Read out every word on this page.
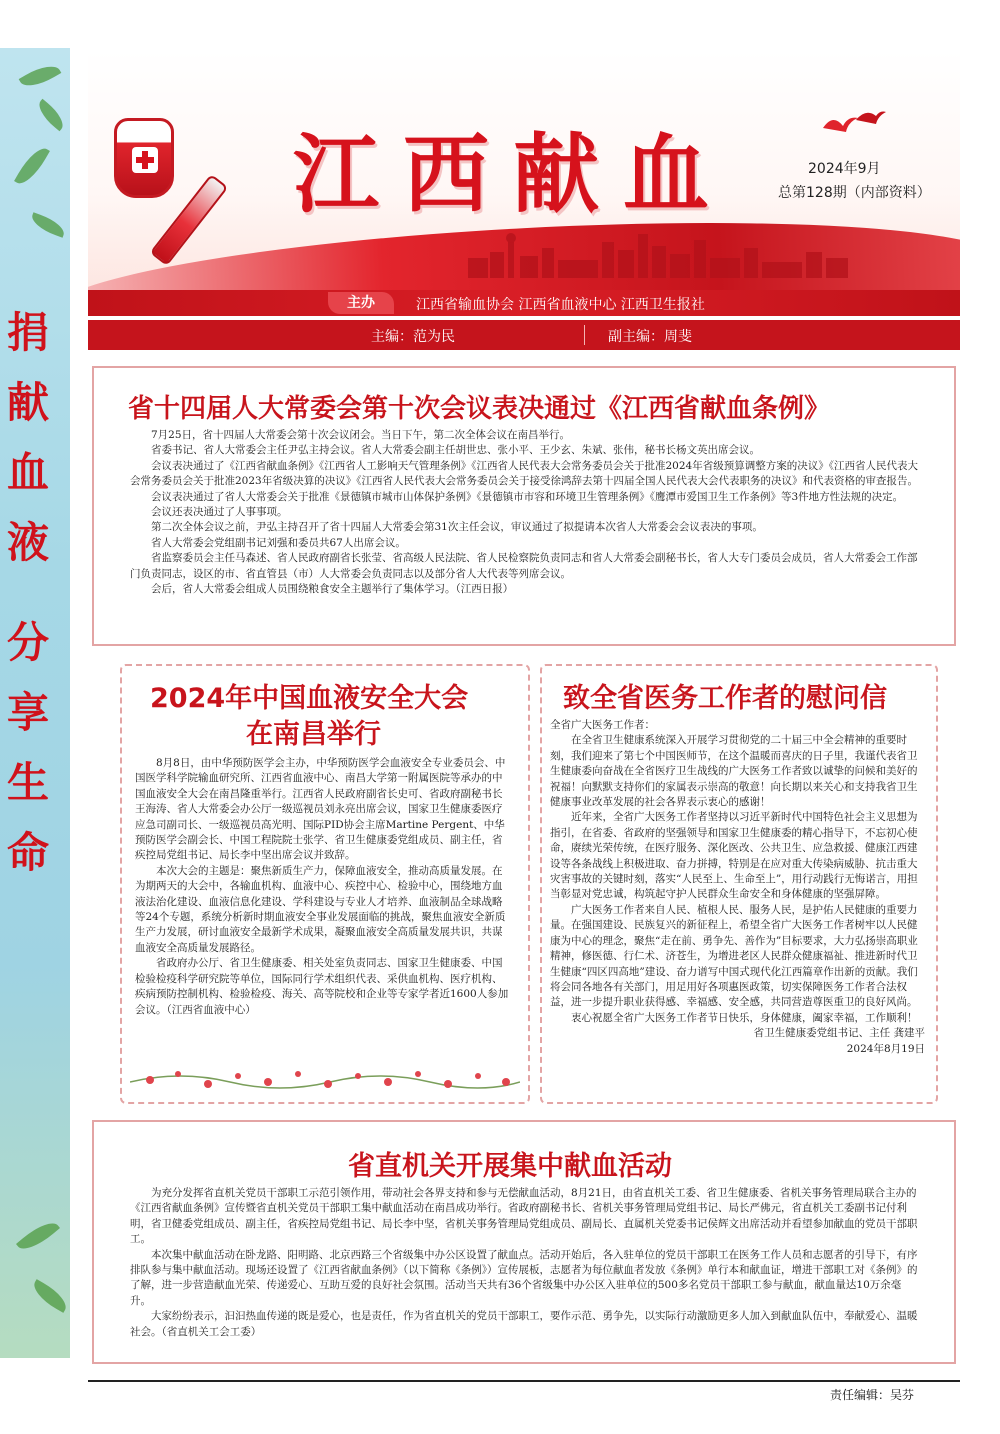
捐
献
血
液
分
享
生
命
江西献血	2024年9月
总第128期（内部资料）
主办	江西省输血协会 江西省血液中心 江西卫生报社
主编：范为民	副主编：周斐
省十四届人大常委会第十次会议表决通过《江西省献血条例》

7月25日，省十四届人大常委会第十次会议闭会。当日下午，第二次全体会议在南昌举行。

省委书记、省人大常委会主任尹弘主持会议。省人大常委会副主任胡世忠、张小平、王少玄、朱斌、张伟，秘书长杨文英出席会议。

会议表决通过了《江西省献血条例》《江西省人工影响天气管理条例》《江西省人民代表大会常务委员会关于批准2024年省级预算调整方案的决议》《江西省人民代表大会常务委员会关于批准2023年省级决算的决议》《江西省人民代表大会常务委员会关于接受徐鸿辞去第十四届全国人民代表大会代表职务的决议》和代表资格的审查报告。

会议表决通过了省人大常委会关于批准《景德镇市城市山体保护条例》《景德镇市市容和环境卫生管理条例》《鹰潭市爱国卫生工作条例》等3件地方性法规的决定。

会议还表决通过了人事事项。

第二次全体会议之前，尹弘主持召开了省十四届人大常委会第31次主任会议，审议通过了拟提请本次省人大常委会会议表决的事项。

省人大常委会党组副书记刘强和委员共67人出席会议。

省监察委员会主任马森述、省人民政府副省长张莹、省高级人民法院、省人民检察院负责同志和省人大常委会副秘书长，省人大专门委员会成员，省人大常委会工作部门负责同志，设区的市、省直管县（市）人大常委会负责同志以及部分省人大代表等列席会议。

会后，省人大常委会组成人员围绕粮食安全主题举行了集体学习。（江西日报）

2024年中国血液安全大会
在南昌举行

8月8日，由中华预防医学会主办，中华预防医学会血液安全专业委员会、中国医学科学院输血研究所、江西省血液中心、南昌大学第一附属医院等承办的中国血液安全大会在南昌隆重举行。江西省人民政府副省长史可、省政府副秘书长王海涛、省人大常委会办公厅一级巡视员刘永亮出席会议，国家卫生健康委医疗应急司副司长、一级巡视员高光明、国际PID协会主席Martine Pergent、中华预防医学会副会长、中国工程院院士张学、省卫生健康委党组成员、副主任，省疾控局党组书记、局长李中坚出席会议并致辞。

本次大会的主题是：聚焦新质生产力，保障血液安全，推动高质量发展。在为期两天的大会中，各输血机构、血液中心、疾控中心、检验中心，围绕地方血液法治化建设、血液信息化建设、学科建设与专业人才培养、血液制品全球战略等24个专题，系统分析新时期血液安全事业发展面临的挑战，聚焦血液安全新质生产力发展，研讨血液安全最新学术成果，凝聚血液安全高质量发展共识，共谋血液安全高质量发展路径。

省政府办公厅、省卫生健康委、相关处室负责同志、国家卫生健康委、中国检验检疫科学研究院等单位，国际同行学术组织代表、采供血机构、医疗机构、疾病预防控制机构、检验检疫、海关、高等院校和企业等专家学者近1600人参加会议。（江西省血液中心）

致全省医务工作者的慰问信

全省广大医务工作者：

在全省卫生健康系统深入开展学习贯彻党的二十届三中全会精神的重要时刻，我们迎来了第七个中国医师节，在这个温暖而喜庆的日子里，我谨代表省卫生健康委向奋战在全省医疗卫生战线的广大医务工作者致以诚挚的问候和美好的祝福！向默默支持你们的家属表示崇高的敬意！向长期以来关心和支持我省卫生健康事业改革发展的社会各界表示衷心的感谢！

近年来，全省广大医务工作者坚持以习近平新时代中国特色社会主义思想为指引，在省委、省政府的坚强领导和国家卫生健康委的精心指导下，不忘初心使命，赓续光荣传统，在医疗服务、深化医改、公共卫生、应急救援、健康江西建设等各条战线上积极进取、奋力拼搏，特别是在应对重大传染病威胁、抗击重大灾害事故的关键时刻，落实“人民至上、生命至上”，用行动践行无悔诺言，用担当彰显对党忠诚，构筑起守护人民群众生命安全和身体健康的坚强屏障。

广大医务工作者来自人民、植根人民、服务人民，是护佑人民健康的重要力量。在强国建设、民族复兴的新征程上，希望全省广大医务工作者树牢以人民健康为中心的理念，聚焦“走在前、勇争先、善作为”目标要求，大力弘扬崇高职业精神，修医德、行仁术、济苍生，为增进老区人民群众健康福祉、推进新时代卫生健康“四区四高地”建设、奋力谱写中国式现代化江西篇章作出新的贡献。我们将会同各地各有关部门，用足用好各项惠医政策，切实保障医务工作者合法权益，进一步提升职业获得感、幸福感、安全感，共同营造尊医重卫的良好风尚。

衷心祝愿全省广大医务工作者节日快乐，身体健康，阖家幸福，工作顺利！

省卫生健康委党组书记、主任 龚建平

2024年8月19日

省直机关开展集中献血活动

为充分发挥省直机关党员干部职工示范引领作用，带动社会各界支持和参与无偿献血活动，8月21日，由省直机关工委、省卫生健康委、省机关事务管理局联合主办的《江西省献血条例》宣传暨省直机关党员干部职工集中献血活动在南昌成功举行。省政府副秘书长、省机关事务管理局党组书记、局长严佛元，省直机关工委副书记付利明，省卫健委党组成员、副主任，省疾控局党组书记、局长李中坚，省机关事务管理局党组成员、副局长、直属机关党委书记侯辉文出席活动并看望参加献血的党员干部职工。

本次集中献血活动在卧龙路、阳明路、北京西路三个省级集中办公区设置了献血点。活动开始后，各入驻单位的党员干部职工在医务工作人员和志愿者的引导下，有序排队参与集中献血活动。现场还设置了《江西省献血条例》（以下简称《条例》）宣传展板，志愿者为每位献血者发放《条例》单行本和献血证，增进干部职工对《条例》的了解，进一步营造献血光荣、传递爱心、互助互爱的良好社会氛围。活动当天共有36个省级集中办公区入驻单位的500多名党员干部职工参与献血，献血量达10万余毫升。

大家纷纷表示，汩汩热血传递的既是爱心，也是责任，作为省直机关的党员干部职工，要作示范、勇争先，以实际行动激励更多人加入到献血队伍中，奉献爱心、温暖社会。（省直机关工会工委）

责任编辑：吴芬
